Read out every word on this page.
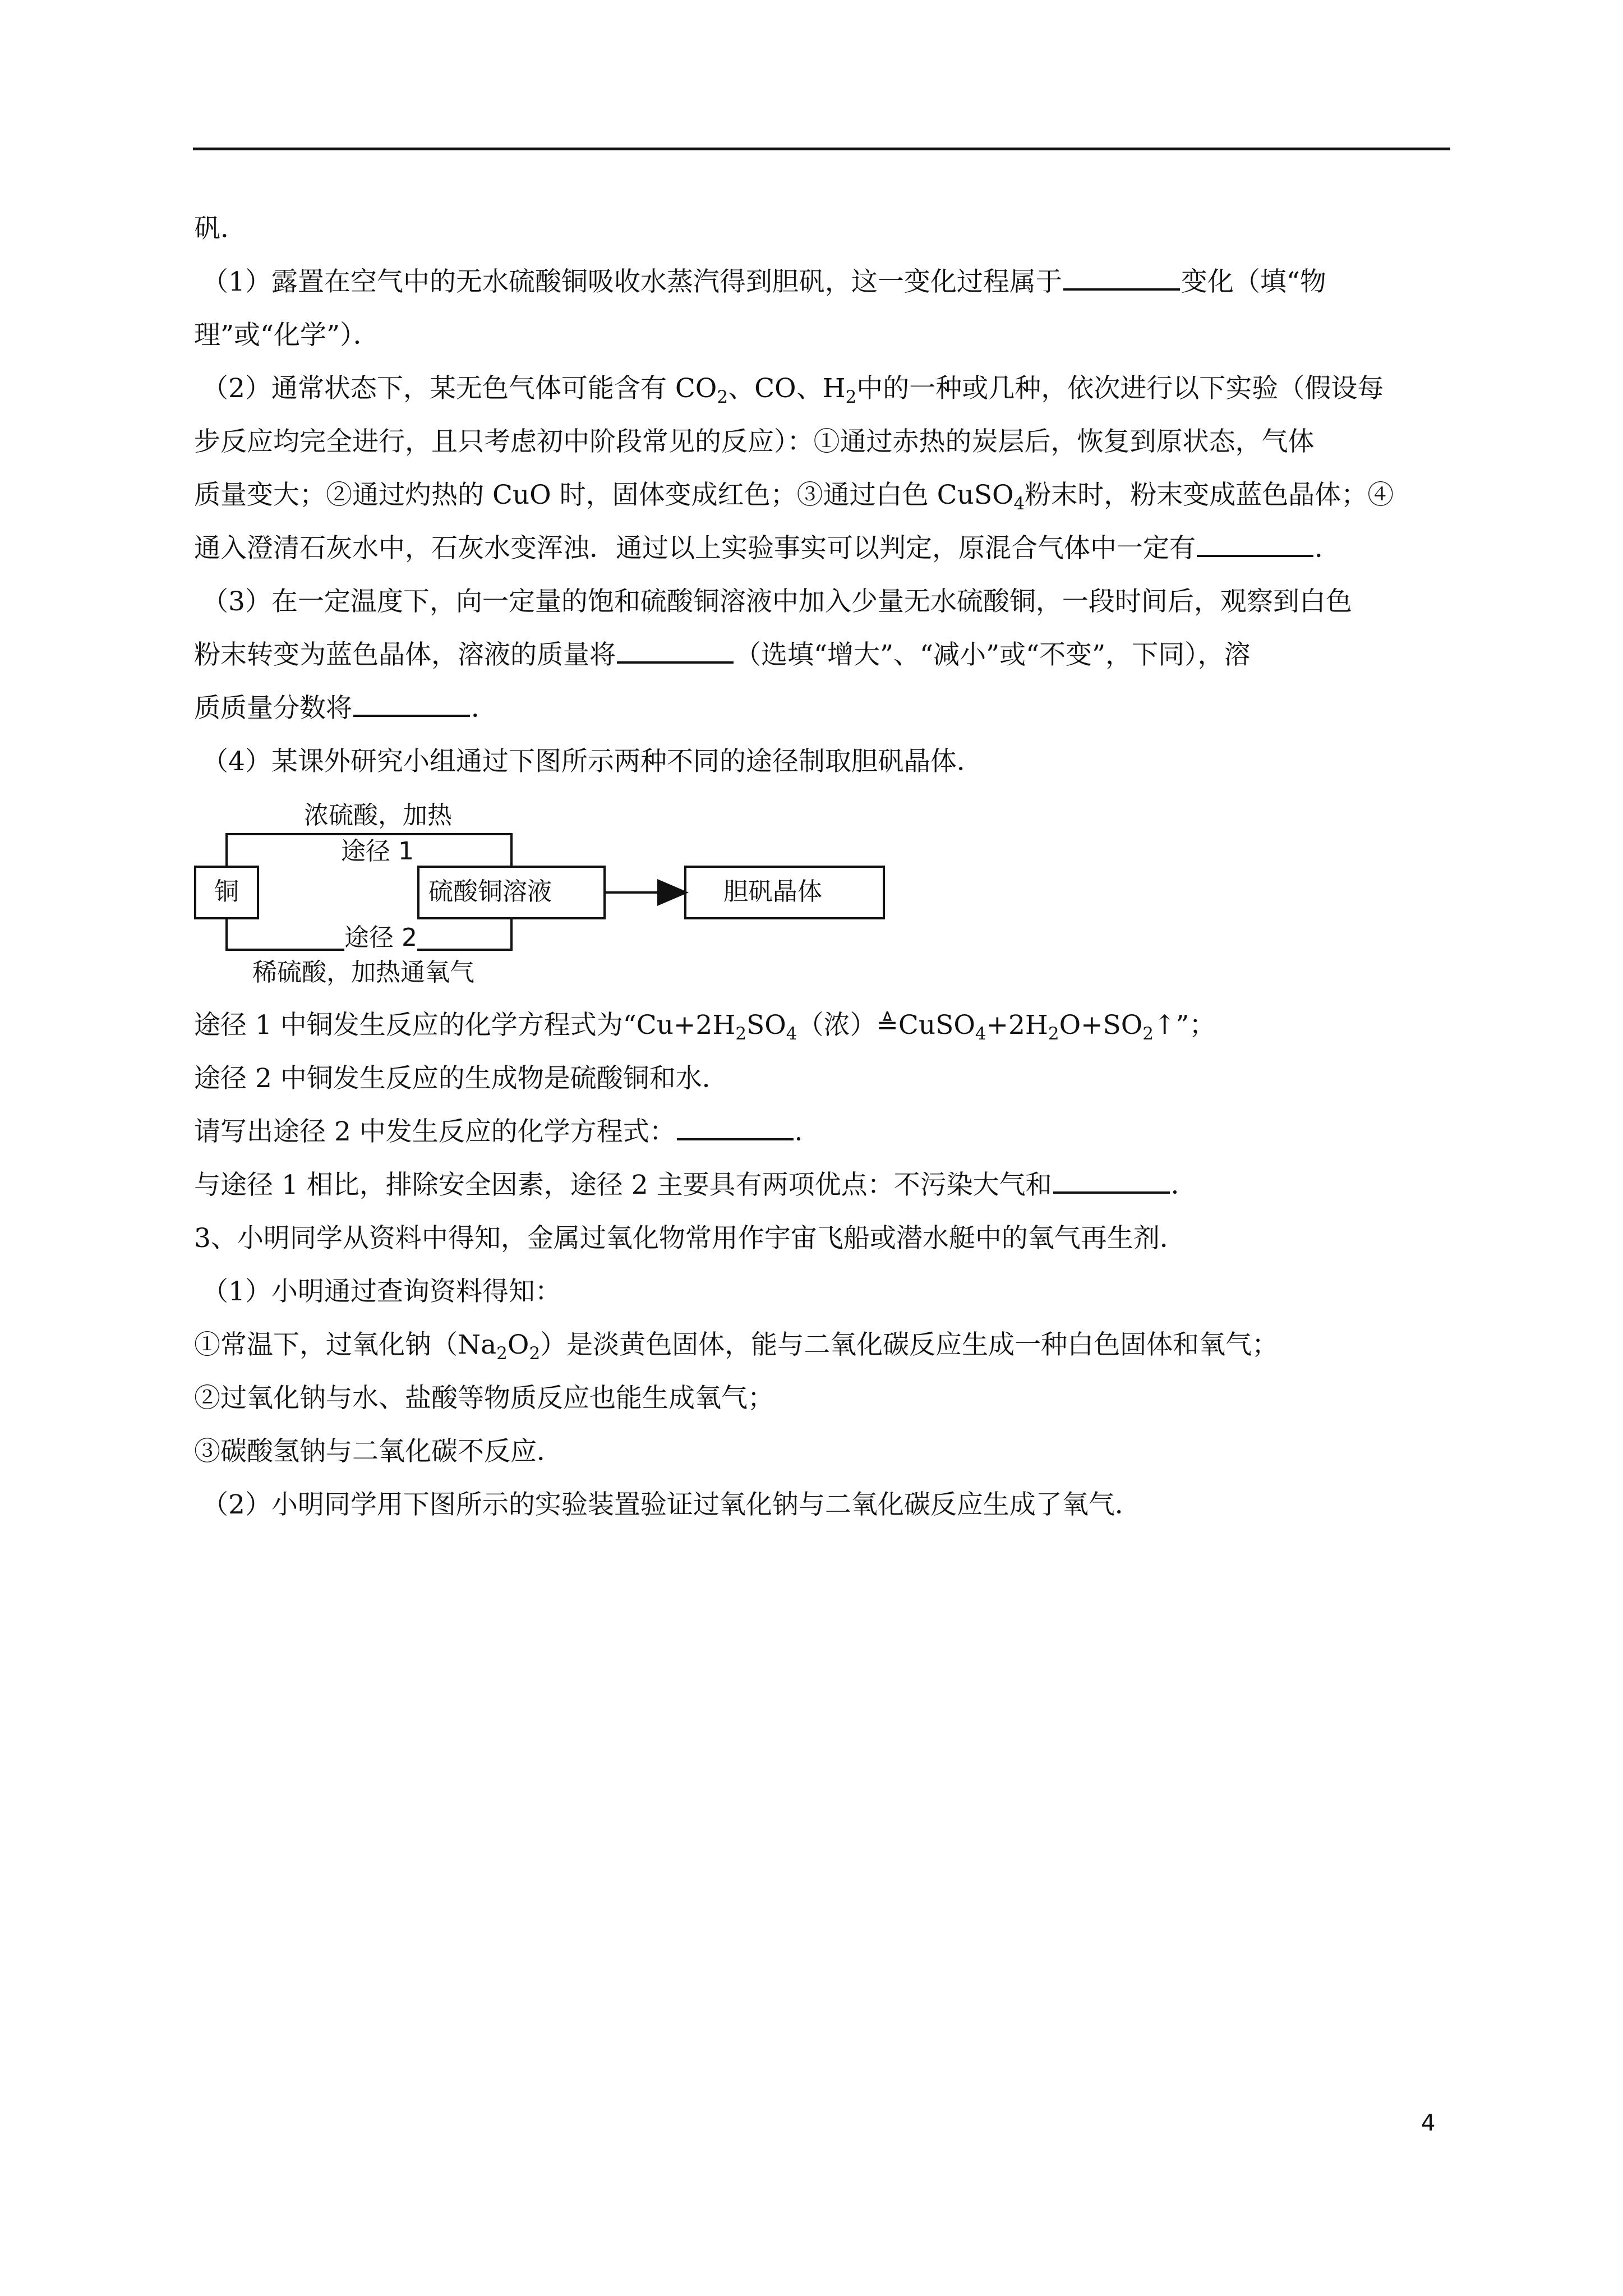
矾．

（1）露置在空气中的无水硫酸铜吸收水蒸汽得到胆矾，这一变化过程属于	变化（填“物

理”或“化学”）．

（2）通常状态下，某无色气体可能含有 $CO_2$、CO、$H_2$中的一种或几种，依次进行以下实验（假设每

步反应均完全进行，且只考虑初中阶段常见的反应）：①通过赤热的炭层后，恢复到原状态，气体

质量变大；②通过灼热的 CuO 时，固体变成红色；③通过白色 CuSO$_4$粉末时，粉末变成蓝色晶体；④

通入澄清石灰水中，石灰水变浑浊．通过以上实验事实可以判定，原混合气体中一定有	．

（3）在一定温度下，向一定量的饱和硫酸铜溶液中加入少量无水硫酸铜，一段时间后，观察到白色

粉末转变为蓝色晶体，溶液的质量将	（选填“增大”、“减小”或“不变”，下同），溶

质质量分数将	．

（4）某课外研究小组通过下图所示两种不同的途径制取胆矾晶体．

浓硫酸，加热
途径 1
铜	硫酸铜溶液	胆矾晶体
途径 2
稀硫酸，加热通氧气

途径 1 中铜发生反应的化学方程式为“$Cu+2H_2SO_4$（浓）$≜CuSO_4+2H_2O+SO_2↑$”；

途径 2 中铜发生反应的生成物是硫酸铜和水．

请写出途径 2 中发生反应的化学方程式：	．

与途径 1 相比，排除安全因素，途径 2 主要具有两项优点：不污染大气和	．

3、小明同学从资料中得知，金属过氧化物常用作宇宙飞船或潜水艇中的氧气再生剂．

（1）小明通过查询资料得知：

①常温下，过氧化钠$(Na_2O_2)$是淡黄色固体，能与二氧化碳反应生成一种白色固体和氧气；

②过氧化钠与水、盐酸等物质反应也能生成氧气；

③碳酸氢钠与二氧化碳不反应．

（2）小明同学用下图所示的实验装置验证过氧化钠与二氧化碳反应生成了氧气．

4
